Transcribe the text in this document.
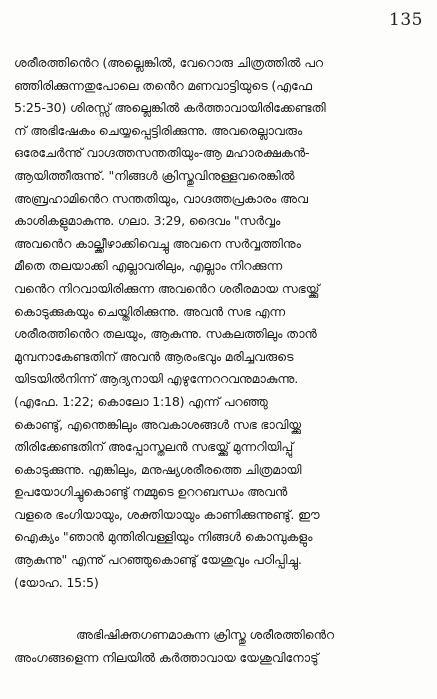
135
ശരീരത്തിൻെറ (അല്ലെങ്കിൽ, വേറൊരു ചിത്രത്തിൽ പറ
ഞ്ഞിരിക്കുന്നതുപോലെ തൻെറ മണവാട്ടിയുടെ (എഫേ
5:25-30) ശിരസ്സ് അല്ലെങ്കിൽ കർത്താവായിരിക്കേണ്ടതി
ന് അഭിഷേകം ചെയ്യപ്പെട്ടിരിക്കുന്നു. അവരെല്ലാവരും
ഒരേചേർന്നു് വാഗ്ദത്തസന്തതിയും-ആ മഹാരക്ഷകൻ-
ആയിത്തീരുന്നു്. "നിങ്ങൾ ക്രിസ്തുവിനുള്ളവരെങ്കിൽ
അബ്രഹാമിൻെറ സന്തതിയും, വാഗ്ദത്തപ്രകാരം അവ
കാശികളുമാകുന്നു. ഗലാ. 3:29, ദൈവം "സർവ്വം
അവൻെറ കാല്ക്കീഴാക്കിവെച്ചു അവനെ സർവ്വത്തിനും
മീതെ തലയാക്കി എല്ലാവരിലും, എല്ലാം നിറക്കുന്ന
വൻെറ നിറവായിരിക്കുന്ന അവൻെറ ശരീരമായ സഭയ്ക്കു്
കൊടുക്കുകയും ചെയ്തിരിക്കുന്നു. അവൻ സഭ എന്ന
ശരീരത്തിൻെറ തലയും, ആകുന്നു. സകലത്തിലും താൻ
മുമ്പനാകേണ്ടതിന് അവൻ ആരംഭവും മരിച്ചവരുടെ
യിടയിൽനിന്ന് ആദ്യനായി എഴുന്നേററവനുമാകുന്നു.
(എഫേ. 1:22; കൊലോ 1:18) എന്ന് പറഞ്ഞു
കൊണ്ടു്, എന്തെങ്കിലും അവകാശങ്ങൾ സഭ ഭാവിയ്ക്കു
തിരിക്കേണ്ടതിന് അപ്പോസ്തലൻ സഭയ്ക്കു് മുന്നറിയിപ്പു്
കൊടുക്കുന്നു. എങ്കിലും, മനുഷ്യശരീരത്തെ ചിത്രമായി
ഉപയോഗിച്ചുകൊണ്ടു് നമ്മുടെ ഉററബന്ധം അവൻ
വളരെ ഭംഗിയായും, ശക്തിയായും കാണിക്കുന്നുണ്ടു്. ഈ
ഐക്യം "ഞാൻ മുന്തിരിവള്ളിയും നിങ്ങൾ കൊമ്പുകളും
ആകുന്നു" എന്നു് പറഞ്ഞുകൊണ്ടു് യേശുവും പഠിപ്പിച്ചു.
(യോഹ. 15:5)
അഭിഷിക്തഗണമാകുന്ന ക്രിസ്തു ശരീരത്തിൻെറ
അംഗങ്ങളെന്ന നിലയിൽ കർത്താവായ യേശുവിനോടു്
